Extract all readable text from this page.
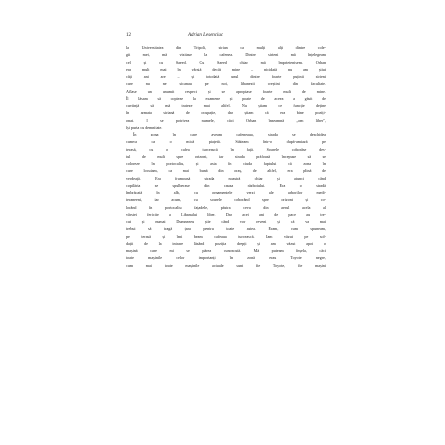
12	Adrian Lesenciuc
la Universitatea din Tripoli, sirian ca mulți alți dintre cole-
gii mei, mă vizitase la cafenea. Dintre sirieni mă înțelegeam
cel și cu Saeed. Cu Saeed chiar mă împrietenisem. Orhan
era mult mai în vârstă decât mine – nicidată nu am știut
câți ani are – și totodată unul dintre foarte puținii sirieni
care nu ne sicanau pe noi, libanezii creștini din facultate.
Aflase un anumit respect și se apropiase foarte mult de mine.
Îl lăsam să copieze la examene și poate de aceea a găsit de
cuviință să mă trateze mai altfel. Nu știam ce funcție deține
în armata siriană de ocupație, dar știam că era bine poziți-
onat. I se potrivea numele, căci Orhan înseamnă „om liber",
își purta cu demnitate.
În zona în care aveam cafeneaua, strada se deschidea
cumva ca o mică piațetă. Stăteam într-o după-amiază pe
terasă, cu o cafea turcească în față. Soarele coborâse des-
tul de mult spre orizont, iar strada prăfoasă începuse să se
coloreze în portocaliu, și asta în ciuda faptului că zona în
care locuiam, ca mai bună din oraș, de altfel, era plină de
verdeață. Era frumoasă strada noastră chiar și atunci când
copilăria se spulberase din cauza războiului. Era o stradă
îmbrăcată în alb, cu ornamentele verzi ale arborilor medi-
teraneeni, iar acum, cu soarele coborând spre orizont și co-
lorând în portocaliu fațadele, păstra ceva din aerul acela al
vârstei fericite a Libanului liber. Dar acei ani de pace au tre-
cut și numai Dumnezeu știe când vor reveni și că va mai
trebui să tragă țara pentru toate astea. Eram, cum spuneam,
pe terasă și îmi beam cafeaua turcească. Iam văzut pe sol-
dații de la intrare lăsând poziția drepți și am văzut apoi o
mașină care mi se părea cunoscută. Mă puteam înșela, căci
toate mașinile celor importanți în zonă erau Toyote negre,
cum mai toate mașinile actuale sunt fie Toyote, fie mașini
